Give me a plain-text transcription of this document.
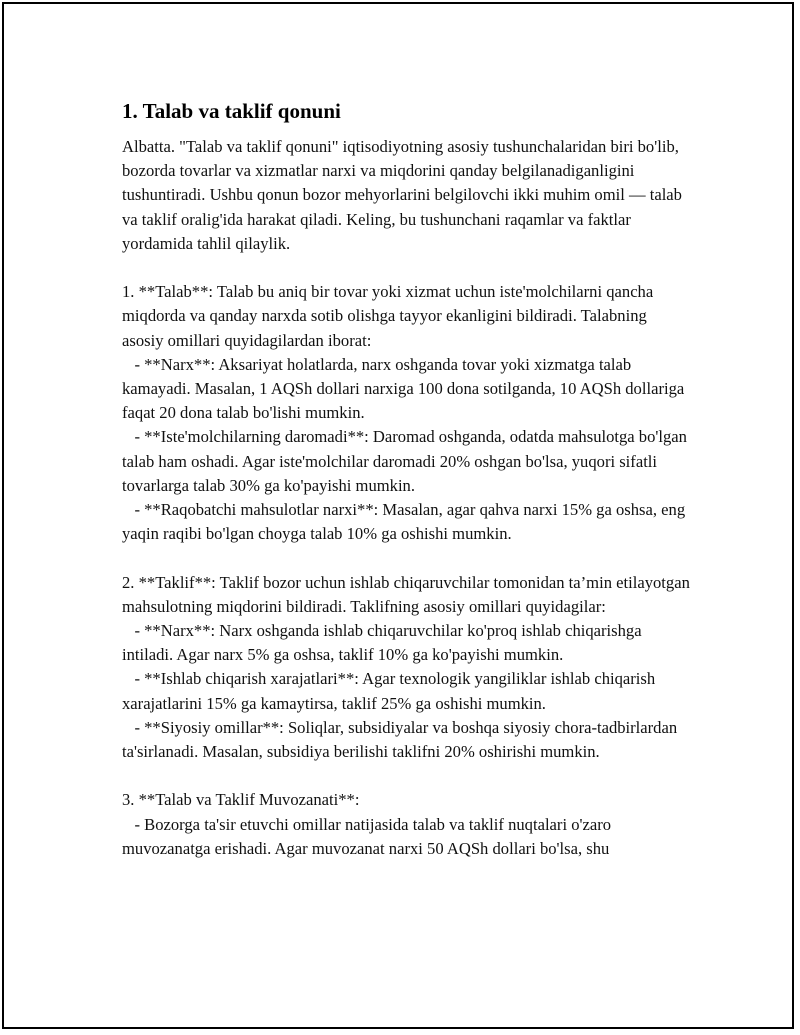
1. Talab va taklif qonuni

Albatta. "Talab va taklif qonuni" iqtisodiyotning asosiy tushunchalaridan biri bo'lib, bozorda tovarlar va xizmatlar narxi va miqdorini qanday belgilanadiganligini tushuntiradi. Ushbu qonun bozor mehyorlarini belgilovchi ikki muhim omil — talab va taklif oralig'ida harakat qiladi. Keling, bu tushunchani raqamlar va faktlar yordamida tahlil qilaylik.

1. **Talab**: Talab bu aniq bir tovar yoki xizmat uchun iste'molchilarni qancha miqdorda va qanday narxda sotib olishga tayyor ekanligini bildiradi. Talabning asosiy omillari quyidagilardan iborat:

- **Narx**: Aksariyat holatlarda, narx oshganda tovar yoki xizmatga talab kamayadi. Masalan, 1 AQSh dollari narxiga 100 dona sotilganda, 10 AQSh dollariga faqat 20 dona talab bo'lishi mumkin.

- **Iste'molchilarning daromadi**: Daromad oshganda, odatda mahsulotga bo'lgan talab ham oshadi. Agar iste'molchilar daromadi 20% oshgan bo'lsa, yuqori sifatli tovarlarga talab 30% ga ko'payishi mumkin.

- **Raqobatchi mahsulotlar narxi**: Masalan, agar qahva narxi 15% ga oshsa, eng yaqin raqibi bo'lgan choyga talab 10% ga oshishi mumkin.

2. **Taklif**: Taklif bozor uchun ishlab chiqaruvchilar tomonidan ta’min etilayotgan mahsulotning miqdorini bildiradi. Taklifning asosiy omillari quyidagilar:

- **Narx**: Narx oshganda ishlab chiqaruvchilar ko'proq ishlab chiqarishga intiladi. Agar narx 5% ga oshsa, taklif 10% ga ko'payishi mumkin.

- **Ishlab chiqarish xarajatlari**: Agar texnologik yangiliklar ishlab chiqarish xarajatlarini 15% ga kamaytirsa, taklif 25% ga oshishi mumkin.

- **Siyosiy omillar**: Soliqlar, subsidiyalar va boshqa siyosiy chora-tadbirlardan ta'sirlanadi. Masalan, subsidiya berilishi taklifni 20% oshirishi mumkin.

3. **Talab va Taklif Muvozanati**:

- Bozorga ta'sir etuvchi omillar natijasida talab va taklif nuqtalari o'zaro muvozanatga erishadi. Agar muvozanat narxi 50 AQSh dollari bo'lsa, shu
